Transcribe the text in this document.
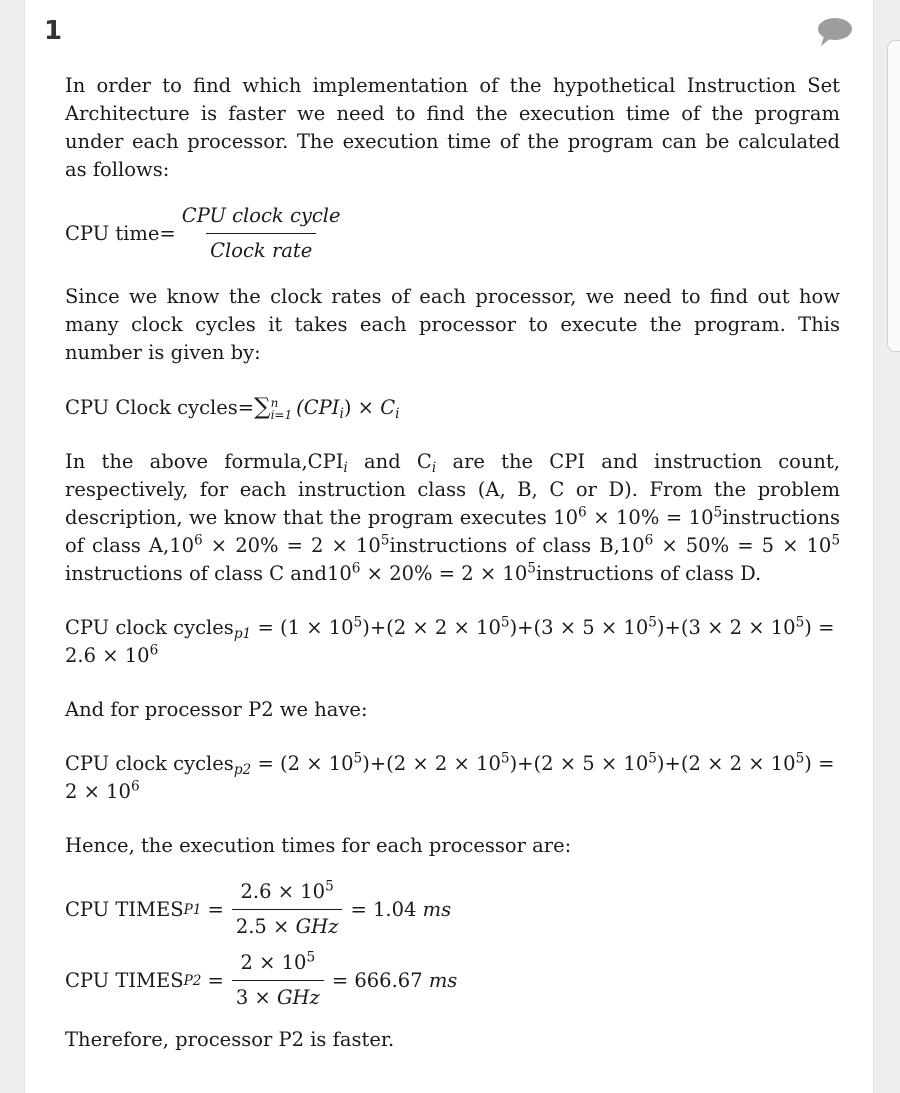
1

In order to find which implementation of the hypothetical Instruction Set Architecture is faster we need to find the execution time of the program under each processor. The execution time of the program can be calculated as follows:

CPU time= $\frac{\text{CPU clock cycle}}{\text{Clock rate}}$

Since we know the clock rates of each processor, we need to find out how many clock cycles it takes each processor to execute the program. This number is given by:

CPU Clock cycles=∑ n
i=1 $(CPI_i) \times C_i$

In the above $formula,CPI_i$ and $C_i$ are the CPI and instruction count, respectively, for each instruction class (A, B, C or D). From the problem description, we know that the program executes $10^6 \times 10\%$ = $10^5instructions$ of class $A,10^6 \times 20\% = 2$ × $10^5instructions$ of class $B,10^6 \times 50\% = 5 \times 10^5$ instructions of class C $and10^6 \times 20\% = 2$ × $10^5instructions$ of class D.

CPU clock cycles$_{p1}$ = $(1 \times 10^5)+(2 \times 2 \times 10^5)+(3 \times 5 \times 10^5)+(3 \times 2 \times 10^5)$ =
$2.6 \times 10^6$

And for processor P2 we have:

CPU clock cycles$_{p2}$ = $(2 \times 10^5)+(2 \times 2 \times 10^5)+(2 \times 5 \times 10^5)+(2 \times 2 \times 10^5)$ =
$2 \times 10^6$

Hence, the execution times for each processor are:

CPU TIMES $P1 = \frac{2.6 \times 10^5}{\text{2.5 × GHz}} = 1.04$
ms
CPU TIMES $P2 = \frac{2 \times 10^5}{\text{3 × GHz}} = 666.67$
ms

Therefore, processor P2 is faster.
